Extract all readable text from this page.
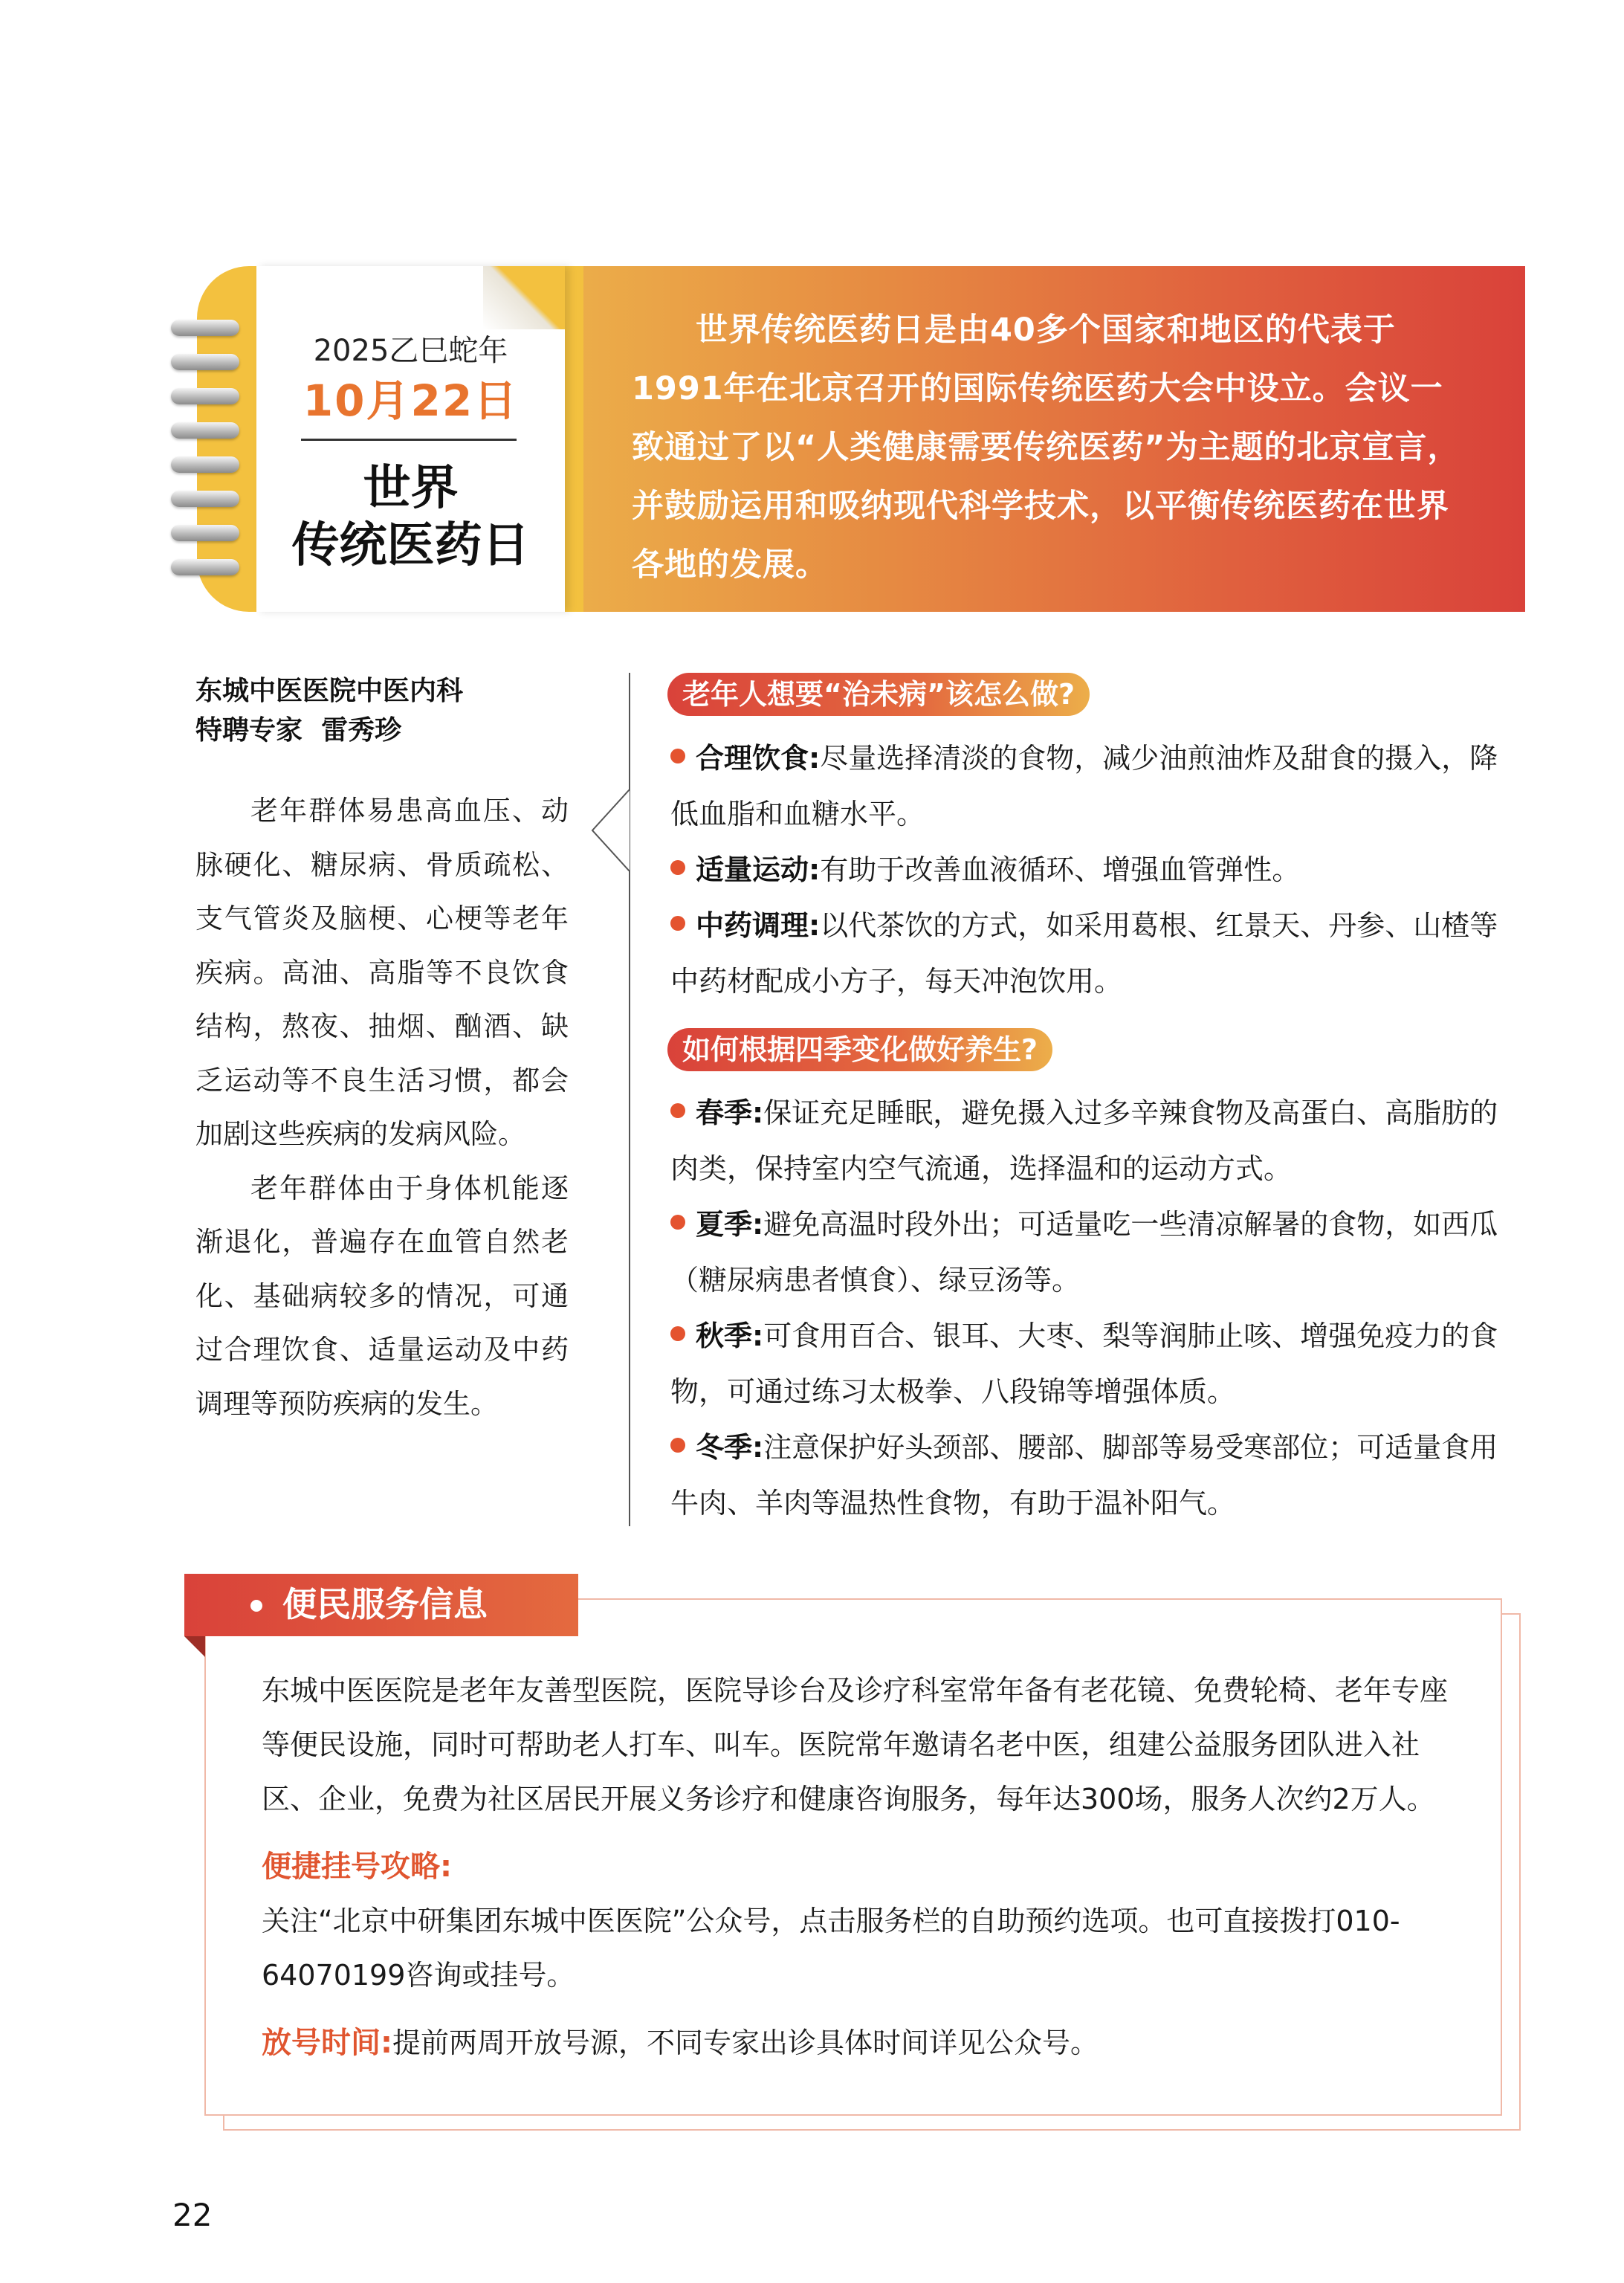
世界传统医药日是由40多个国家和地区的代表于1991年在北京召开的国际传统医药大会中设立。会议一致通过了以“人类健康需要传统医药”为主题的北京宣言，并鼓励运用和吸纳现代科学技术，以平衡传统医药在世界各地的发展。
2025乙巳蛇年
10月22日
世界
传统医药日
东城中医医院中医内科
特聘专家  雷秀珍

老年群体易患高血压、动脉硬化、糖尿病、骨质疏松、支气管炎及脑梗、心梗等老年疾病。高油、高脂等不良饮食结构，熬夜、抽烟、酗酒、缺乏运动等不良生活习惯，都会加剧这些疾病的发病风险。

老年群体由于身体机能逐渐退化，普遍存在血管自然老化、基础病较多的情况，可通过合理饮食、适量运动及中药调理等预防疾病的发生。

老年人想要“治未病”该怎么做?

合理饮食:尽量选择清淡的食物，减少油煎油炸及甜食的摄入，降低血脂和血糖水平。

适量运动:有助于改善血液循环、增强血管弹性。

中药调理:以代茶饮的方式，如采用葛根、红景天、丹参、山楂等中药材配成小方子，每天冲泡饮用。

如何根据四季变化做好养生?

春季:保证充足睡眠，避免摄入过多辛辣食物及高蛋白、高脂肪的肉类，保持室内空气流通，选择温和的运动方式。

夏季:避免高温时段外出；可适量吃一些清凉解暑的食物，如西瓜（糖尿病患者慎食）、绿豆汤等。

秋季:可食用百合、银耳、大枣、梨等润肺止咳、增强免疫力的食物，可通过练习太极拳、八段锦等增强体质。

冬季:注意保护好头颈部、腰部、脚部等易受寒部位；可适量食用牛肉、羊肉等温热性食物，有助于温补阳气。

便民服务信息

东城中医医院是老年友善型医院，医院导诊台及诊疗科室常年备有老花镜、免费轮椅、老年专座等便民设施，同时可帮助老人打车、叫车。医院常年邀请名老中医，组建公益服务团队进入社区、企业，免费为社区居民开展义务诊疗和健康咨询服务，每年达300场，服务人次约2万人。

便捷挂号攻略:

关注“北京中研集团东城中医医院”公众号，点击服务栏的自助预约选项。也可直接拨打010-64070199咨询或挂号。

放号时间:提前两周开放号源，不同专家出诊具体时间详见公众号。

22
